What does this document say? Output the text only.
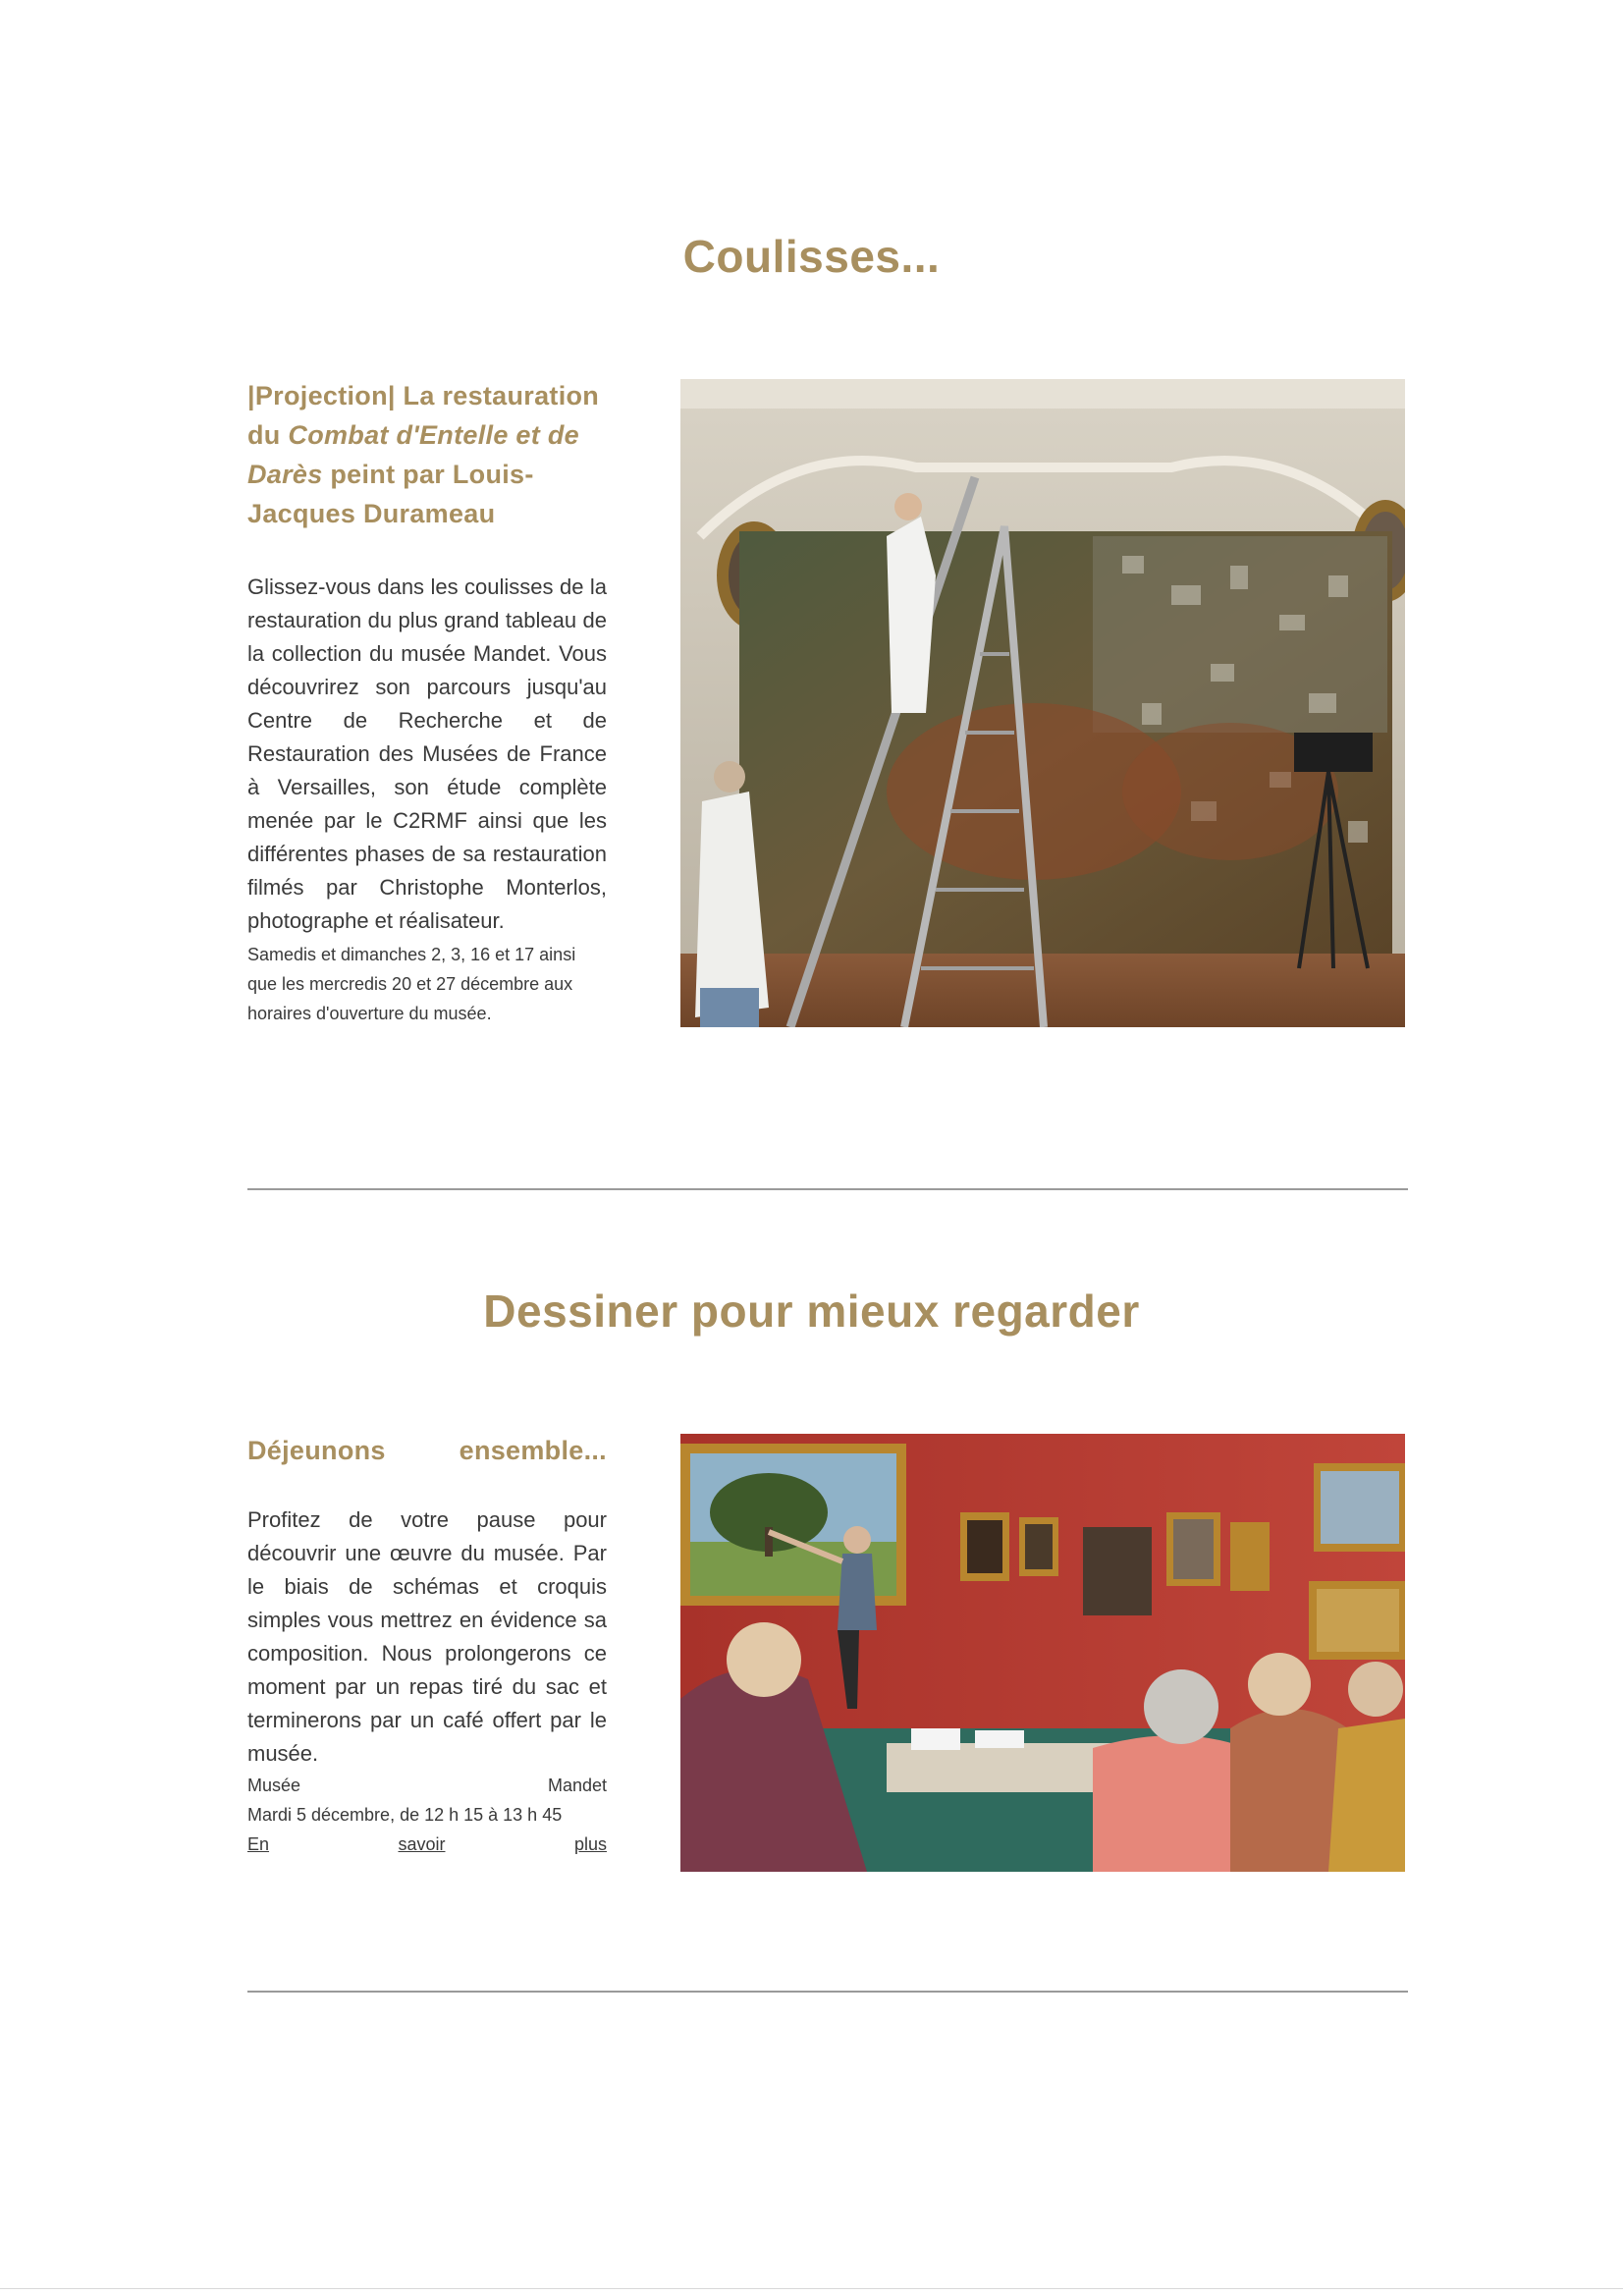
Coulisses...
|Projection| La restauration du Combat d'Entelle et de Darès peint par Louis-Jacques Durameau

Glissez-vous dans les coulisses de la restauration du plus grand tableau de la collection du musée Mandet. Vous découvrirez son parcours jusqu'au Centre de Recherche et de Restauration des Musées de France à Versailles, son étude complète menée par le C2RMF ainsi que les différentes phases de sa restauration filmés par Christophe Monterlos, photographe et réalisateur.

Samedis et dimanches 2, 3, 16 et 17 ainsi que les mercredis 20 et 27 décembre aux horaires d'ouverture du musée.

Dessiner pour mieux regarder
Déjeunons	ensemble...

Profitez de votre pause pour découvrir une œuvre du musée. Par le biais de schémas et croquis simples vous mettrez en évidence sa composition. Nous prolongerons ce moment par un repas tiré du sac et terminerons par un café offert par le musée.

Musée	Mandet

Mardi 5 décembre, de 12 h 15 à 13 h 45

En	savoir	plus
